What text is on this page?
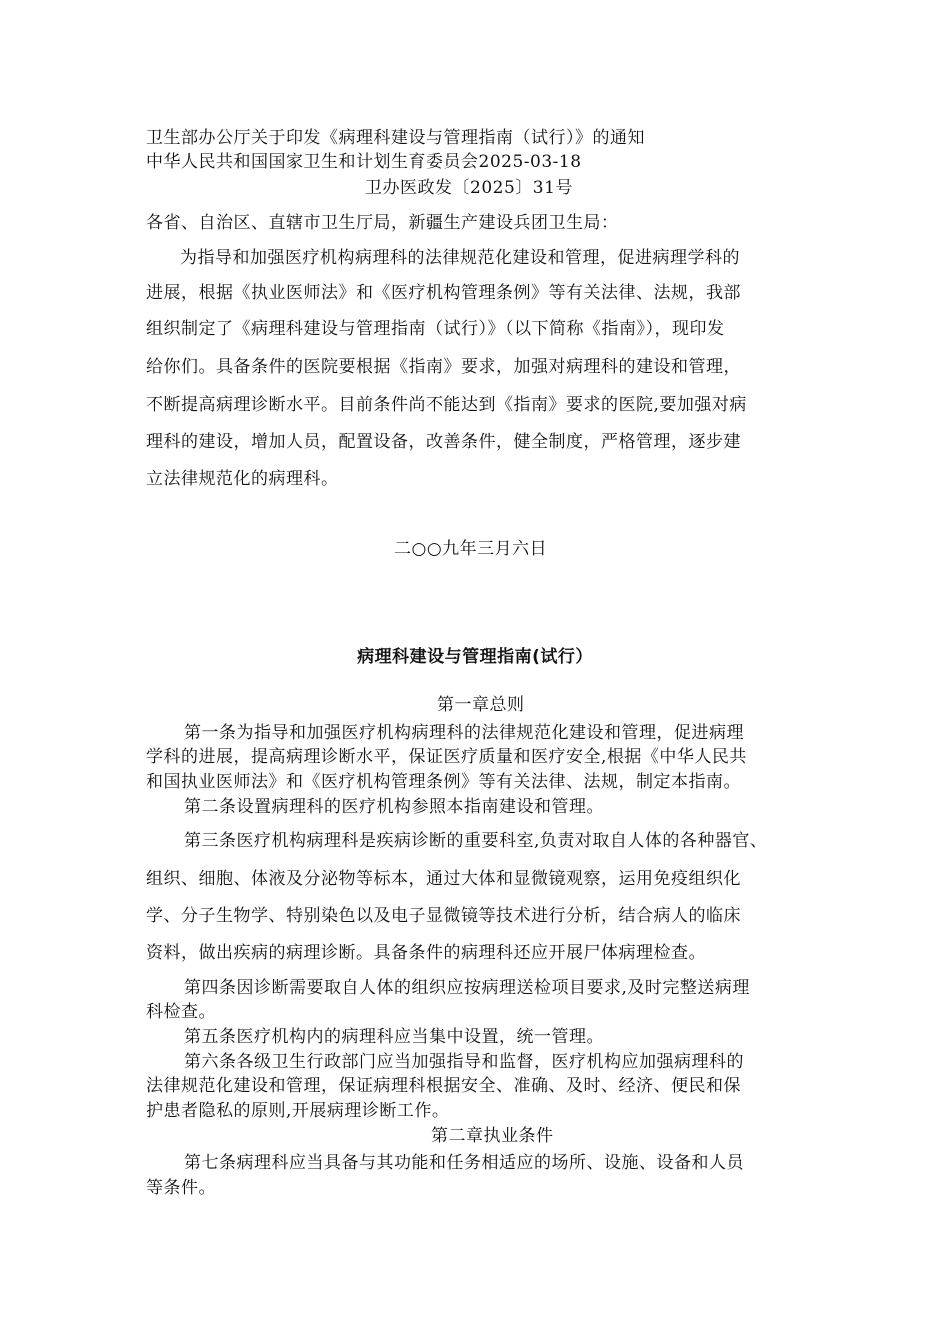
卫生部办公厅关于印发《病理科建设与管理指南（试行）》的通知
中华人民共和国国家卫生和计划生育委员会2025-03-18
卫办医政发〔2025〕31号
各省、自治区、直辖市卫生厅局，新疆生产建设兵团卫生局：
为指导和加强医疗机构病理科的法律规范化建设和管理，促进病理学科的
进展，根据《执业医师法》和《医疗机构管理条例》等有关法律、法规，我部
组织制定了《病理科建设与管理指南（试行）》（以下简称《指南》），现印发
给你们。具备条件的医院要根据《指南》要求，加强对病理科的建设和管理，
不断提高病理诊断水平。目前条件尚不能达到《指南》要求的医院,要加强对病
理科的建设，增加人员，配置设备，改善条件，健全制度，严格管理，逐步建
立法律规范化的病理科。
二○○九年三月六日
病理科建设与管理指南(试行）
第一章总则
第一条为指导和加强医疗机构病理科的法律规范化建设和管理，促进病理
学科的进展，提高病理诊断水平，保证医疗质量和医疗安全,根据《中华人民共
和国执业医师法》和《医疗机构管理条例》等有关法律、法规，制定本指南。
第二条设置病理科的医疗机构参照本指南建设和管理。
第三条医疗机构病理科是疾病诊断的重要科室,负责对取自人体的各种器官、
组织、细胞、体液及分泌物等标本，通过大体和显微镜观察，运用免疫组织化
学、分子生物学、特别染色以及电子显微镜等技术进行分析，结合病人的临床
资料，做出疾病的病理诊断。具备条件的病理科还应开展尸体病理检查。
第四条因诊断需要取自人体的组织应按病理送检项目要求,及时完整送病理
科检查。
第五条医疗机构内的病理科应当集中设置，统一管理。
第六条各级卫生行政部门应当加强指导和监督，医疗机构应加强病理科的
法律规范化建设和管理，保证病理科根据安全、准确、及时、经济、便民和保
护患者隐私的原则,开展病理诊断工作。
第二章执业条件
第七条病理科应当具备与其功能和任务相适应的场所、设施、设备和人员
等条件。
